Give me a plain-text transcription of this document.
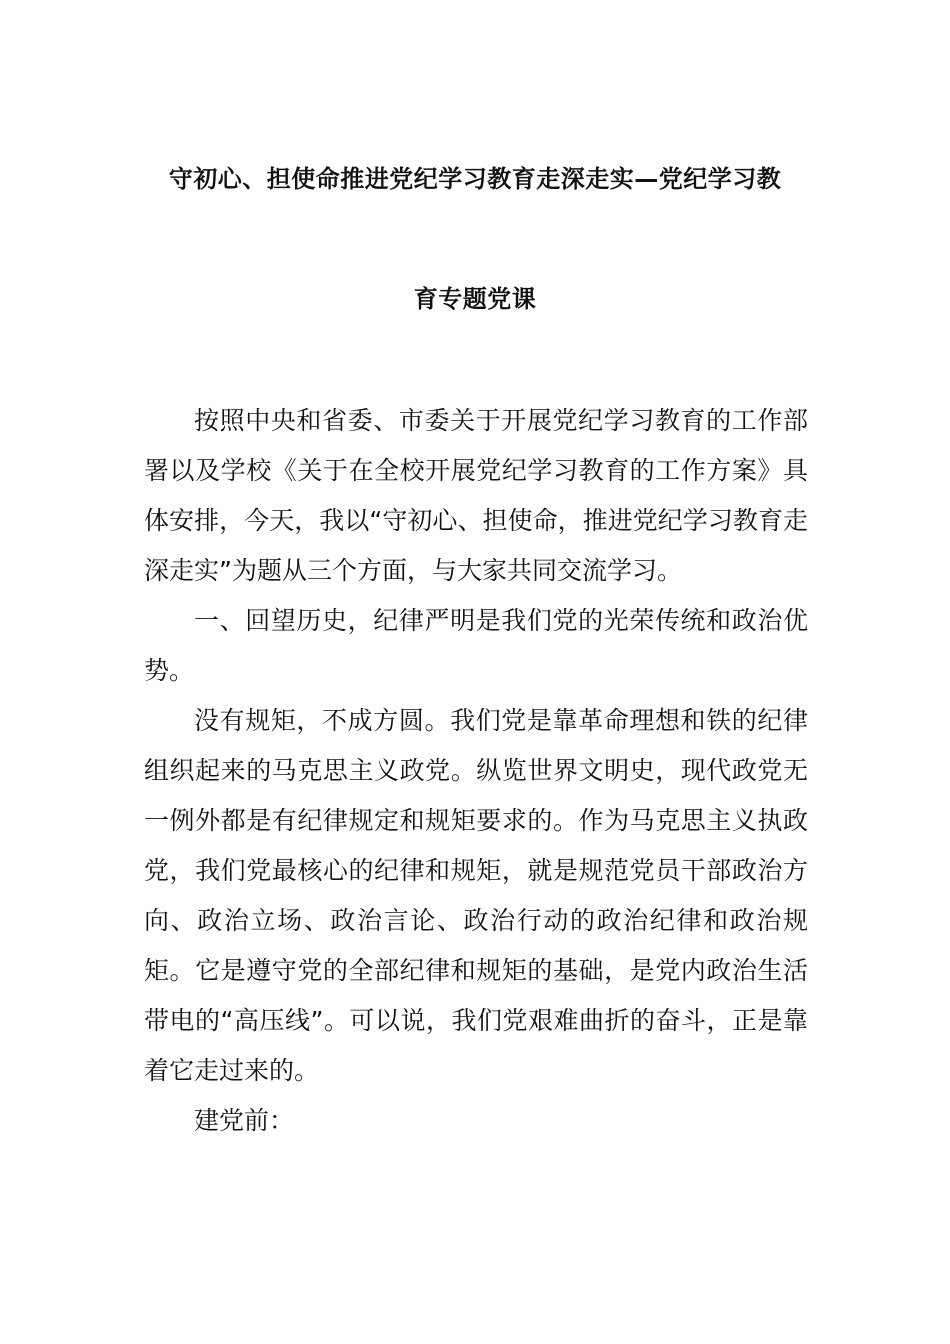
守初心、担使命推进党纪学习教育走深走实—党纪学习教
育专题党课

按照中央和省委、市委关于开展党纪学习教育的工作部署以及学校《关于在全校开展党纪学习教育的工作方案》具体安排，今天，我以“守初心、担使命，推进党纪学习教育走深走实”为题从三个方面，与大家共同交流学习。

一、回望历史，纪律严明是我们党的光荣传统和政治优势。

没有规矩，不成方圆。我们党是靠革命理想和铁的纪律组织起来的马克思主义政党。纵览世界文明史，现代政党无一例外都是有纪律规定和规矩要求的。作为马克思主义执政党，我们党最核心的纪律和规矩，就是规范党员干部政治方向、政治立场、政治言论、政治行动的政治纪律和政治规矩。它是遵守党的全部纪律和规矩的基础，是党内政治生活带电的“高压线”。可以说，我们党艰难曲折的奋斗，正是靠着它走过来的。

建党前：
